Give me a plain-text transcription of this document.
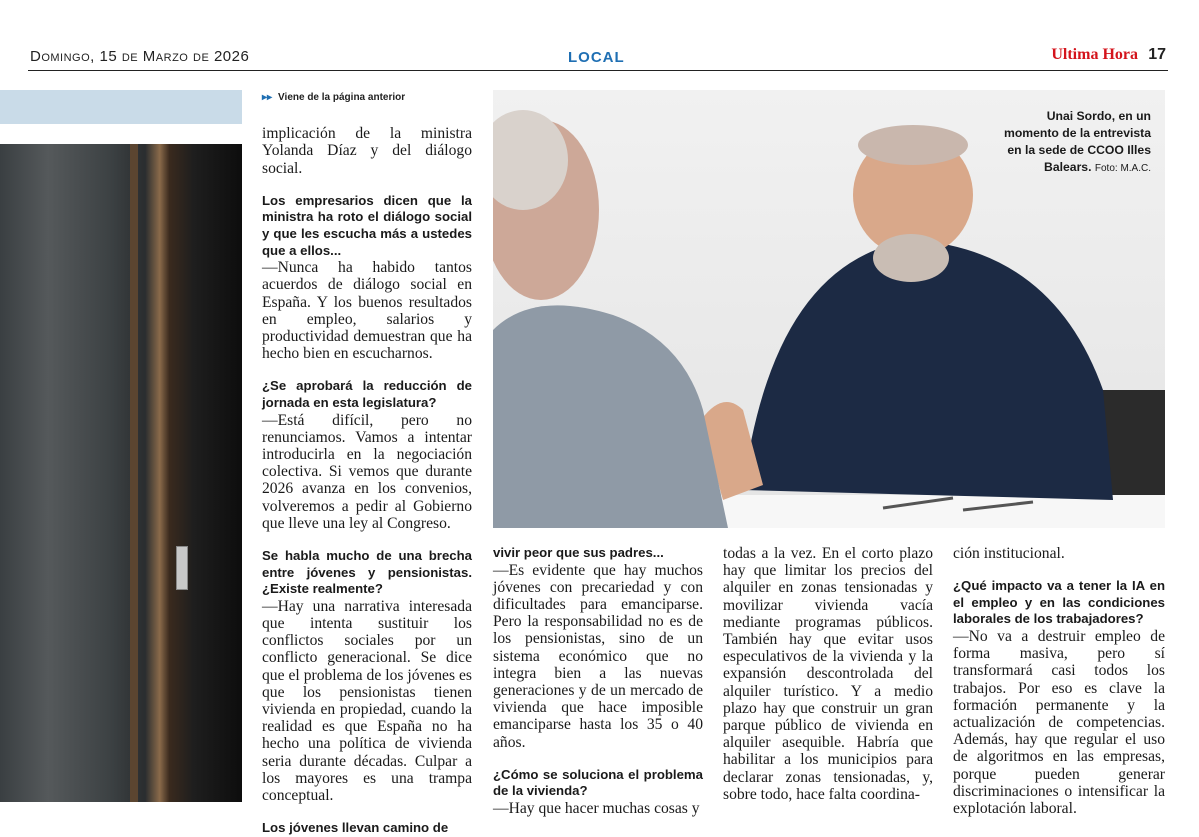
Domingo, 15 de Marzo de 2026	LOCAL	Ultima Hora 17
▸▸ Viene de la página anterior

implicación de la ministra Yolanda Díaz y del diálogo social.

Los empresarios dicen que la ministra ha roto el diálogo social y que les escucha más a ustedes que a ellos...

—Nunca ha habido tantos acuerdos de diálogo social en España. Y los buenos resultados en empleo, salarios y productividad demuestran que ha hecho bien en escucharnos.

¿Se aprobará la reducción de jornada en esta legislatura?

—Está difícil, pero no renunciamos. Vamos a intentar introducirla en la negociación colectiva. Si vemos que durante 2026 avanza en los convenios, volveremos a pedir al Gobierno que lleve una ley al Congreso.

Se habla mucho de una brecha entre jóvenes y pensionistas. ¿Existe realmente?

—Hay una narrativa interesada que intenta sustituir los conflictos sociales por un conflicto generacional. Se dice que el problema de los jóvenes es que los pensionistas tienen vivienda en propiedad, cuando la realidad es que España no ha hecho una política de vivienda seria durante décadas. Culpar a los mayores es una trampa conceptual.

Los jóvenes llevan camino de

Unai Sordo, en un momento de la entrevista en la sede de CCOO Illes Balears. Foto: M.A.C.

vivir peor que sus padres...

—Es evidente que hay muchos jóvenes con precariedad y con dificultades para emanciparse. Pero la responsabilidad no es de los pensionistas, sino de un sistema económico que no integra bien a las nuevas generaciones y de un mercado de vivienda que hace imposible emanciparse hasta los 35 o 40 años.

¿Cómo se soluciona el problema de la vivienda?

—Hay que hacer muchas cosas y

todas a la vez. En el corto plazo hay que limitar los precios del alquiler en zonas tensionadas y movilizar vivienda vacía mediante programas públicos. También hay que evitar usos especulativos de la vivienda y la expansión descontrolada del alquiler turístico. Y a medio plazo hay que construir un gran parque público de vivienda en alquiler asequible. Habría que habilitar a los municipios para declarar zonas tensionadas, y, sobre todo, hace falta coordina-

ción institucional.

¿Qué impacto va a tener la IA en el empleo y en las condiciones laborales de los trabajadores?

—No va a destruir empleo de forma masiva, pero sí transformará casi todos los trabajos. Por eso es clave la formación permanente y la actualización de competencias. Además, hay que regular el uso de algoritmos en las empresas, porque pueden generar discriminaciones o intensificar la explotación laboral.
